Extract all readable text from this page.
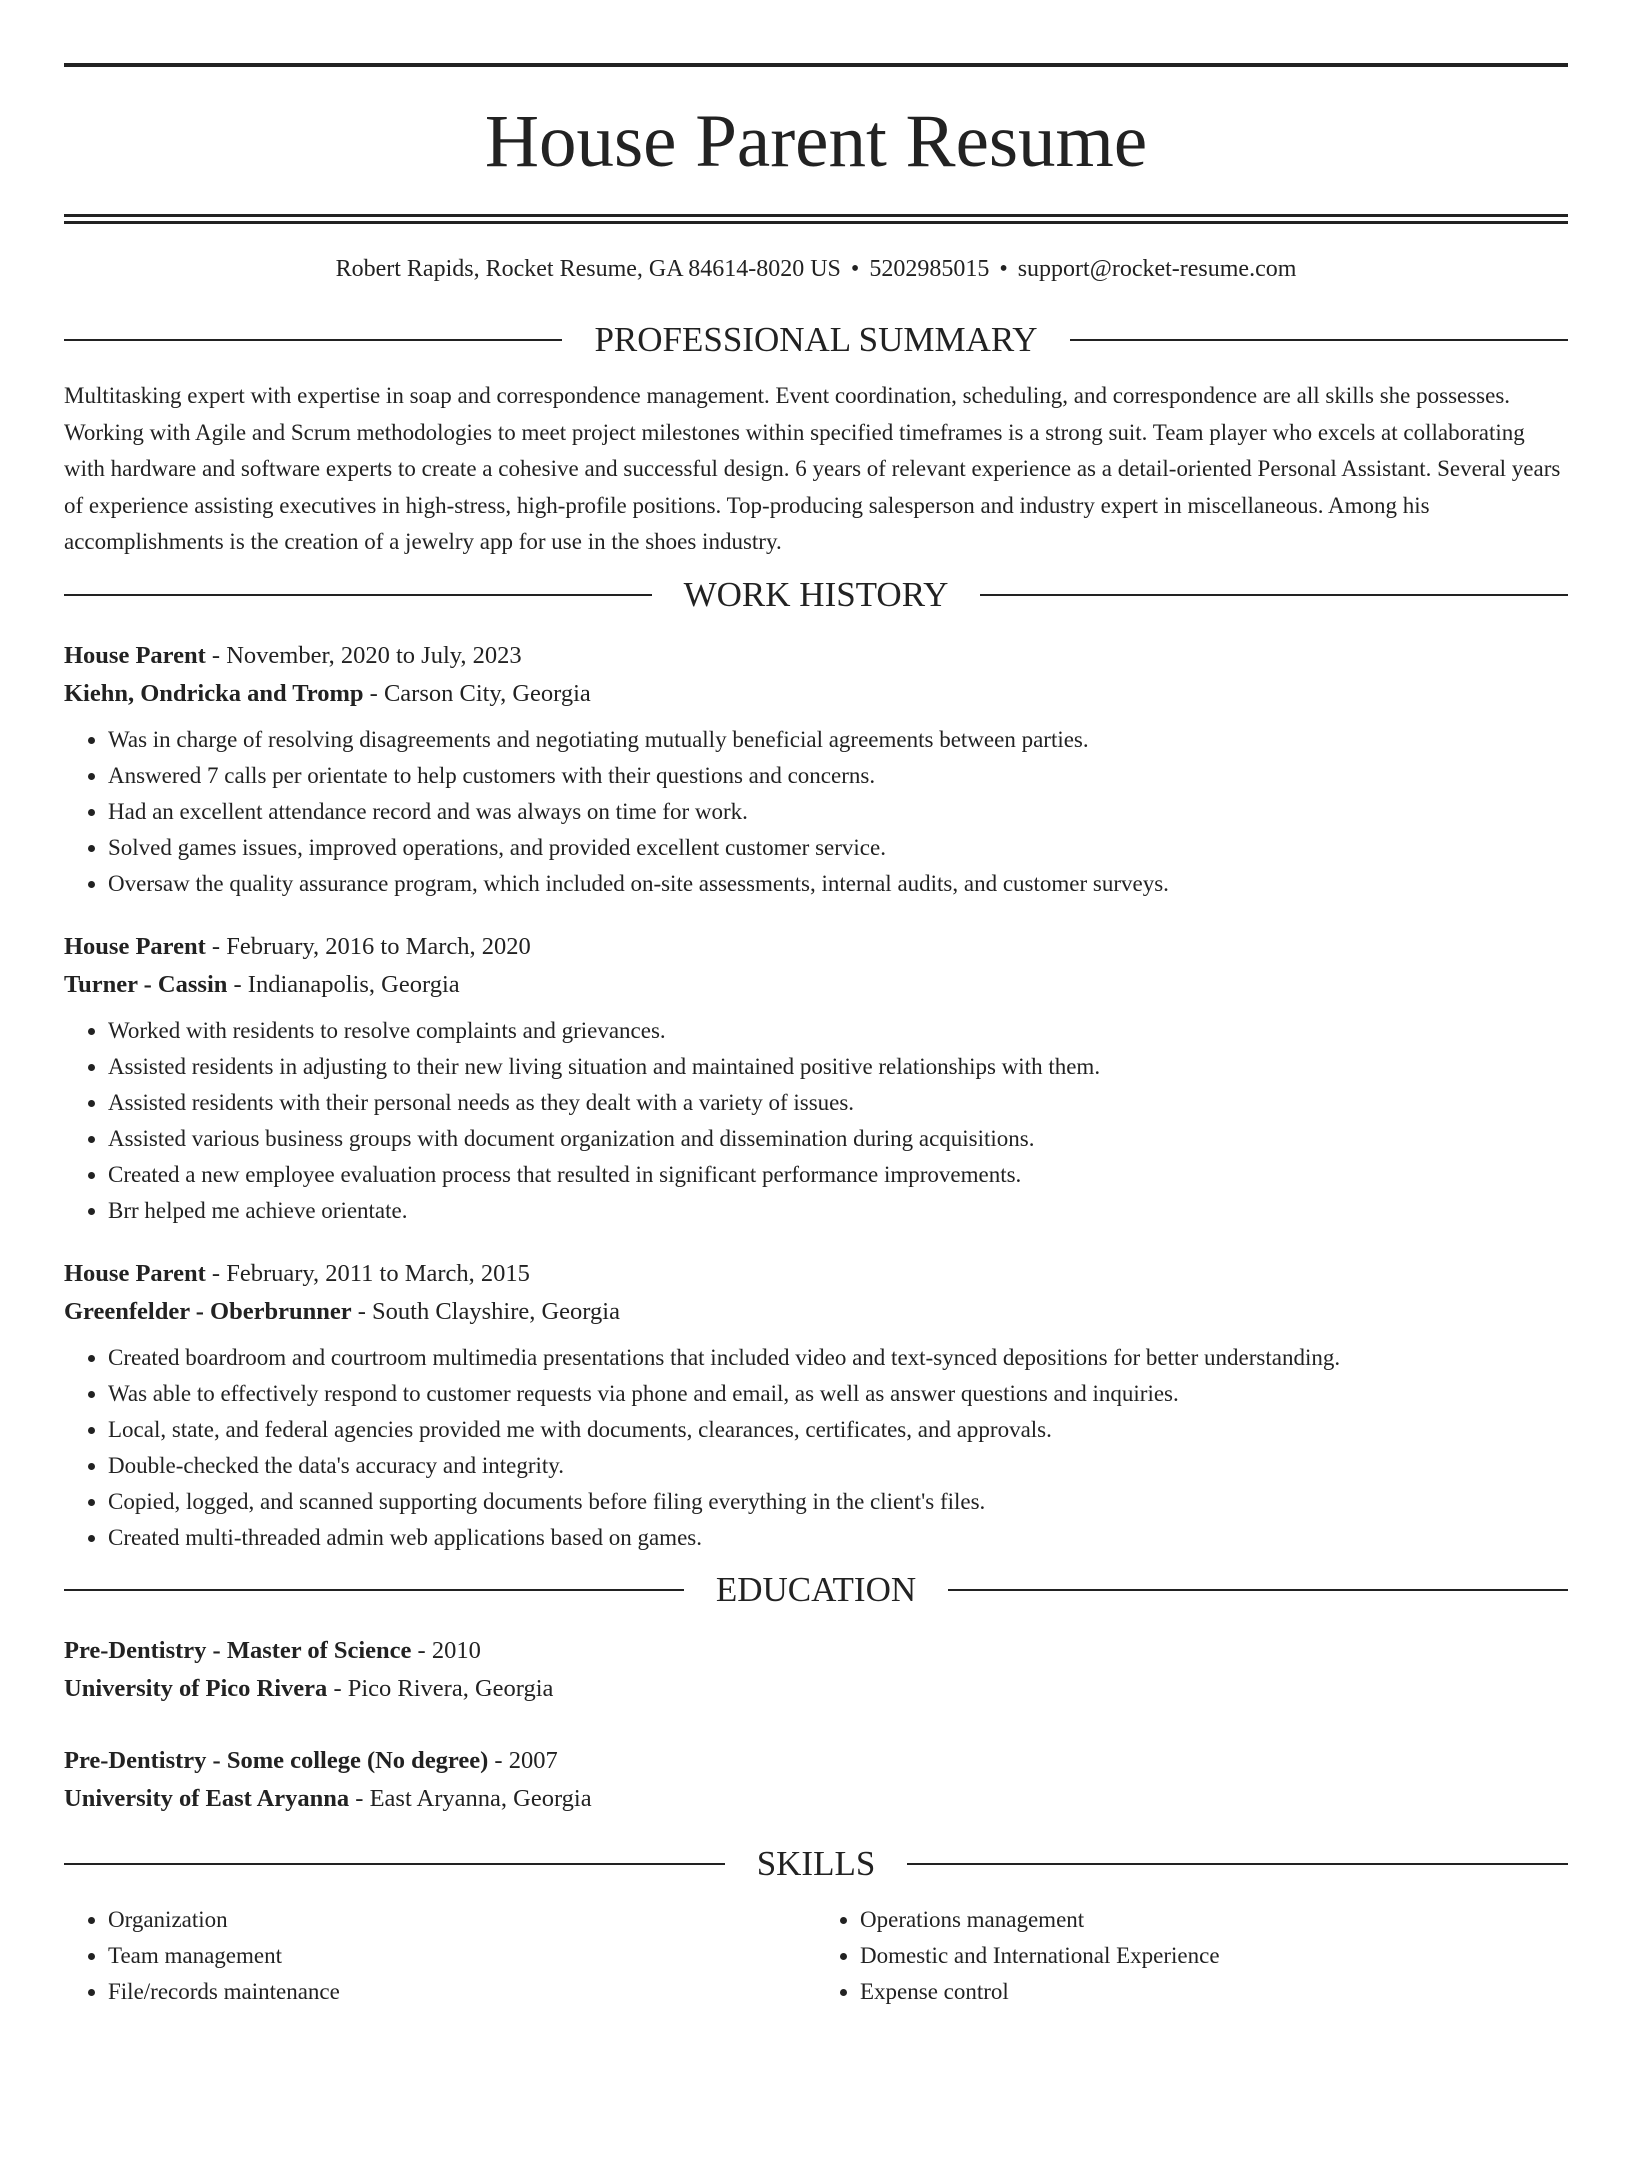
House Parent Resume
Robert Rapids, Rocket Resume, GA 84614-8020 US • 5202985015 • support@rocket-resume.com
PROFESSIONAL SUMMARY
Multitasking expert with expertise in soap and correspondence management. Event coordination, scheduling, and correspondence are all skills she possesses. Working with Agile and Scrum methodologies to meet project milestones within specified timeframes is a strong suit. Team player who excels at collaborating with hardware and software experts to create a cohesive and successful design. 6 years of relevant experience as a detail-oriented Personal Assistant. Several years of experience assisting executives in high-stress, high-profile positions. Top-producing salesperson and industry expert in miscellaneous. Among his accomplishments is the creation of a jewelry app for use in the shoes industry.
WORK HISTORY
House Parent - November, 2020 to July, 2023
Kiehn, Ondricka and Tromp - Carson City, Georgia
• Was in charge of resolving disagreements and negotiating mutually beneficial agreements between parties.
• Answered 7 calls per orientate to help customers with their questions and concerns.
• Had an excellent attendance record and was always on time for work.
• Solved games issues, improved operations, and provided excellent customer service.
• Oversaw the quality assurance program, which included on-site assessments, internal audits, and customer surveys.
House Parent - February, 2016 to March, 2020
Turner - Cassin - Indianapolis, Georgia
• Worked with residents to resolve complaints and grievances.
• Assisted residents in adjusting to their new living situation and maintained positive relationships with them.
• Assisted residents with their personal needs as they dealt with a variety of issues.
• Assisted various business groups with document organization and dissemination during acquisitions.
• Created a new employee evaluation process that resulted in significant performance improvements.
• Brr helped me achieve orientate.
House Parent - February, 2011 to March, 2015
Greenfelder - Oberbrunner - South Clayshire, Georgia
• Created boardroom and courtroom multimedia presentations that included video and text-synced depositions for better understanding.
• Was able to effectively respond to customer requests via phone and email, as well as answer questions and inquiries.
• Local, state, and federal agencies provided me with documents, clearances, certificates, and approvals.
• Double-checked the data's accuracy and integrity.
• Copied, logged, and scanned supporting documents before filing everything in the client's files.
• Created multi-threaded admin web applications based on games.
EDUCATION
Pre-Dentistry - Master of Science - 2010
University of Pico Rivera - Pico Rivera, Georgia
Pre-Dentistry - Some college (No degree) - 2007
University of East Aryanna - East Aryanna, Georgia
SKILLS
• Organization
• Team management
• File/records maintenance
• Operations management
• Domestic and International Experience
• Expense control
